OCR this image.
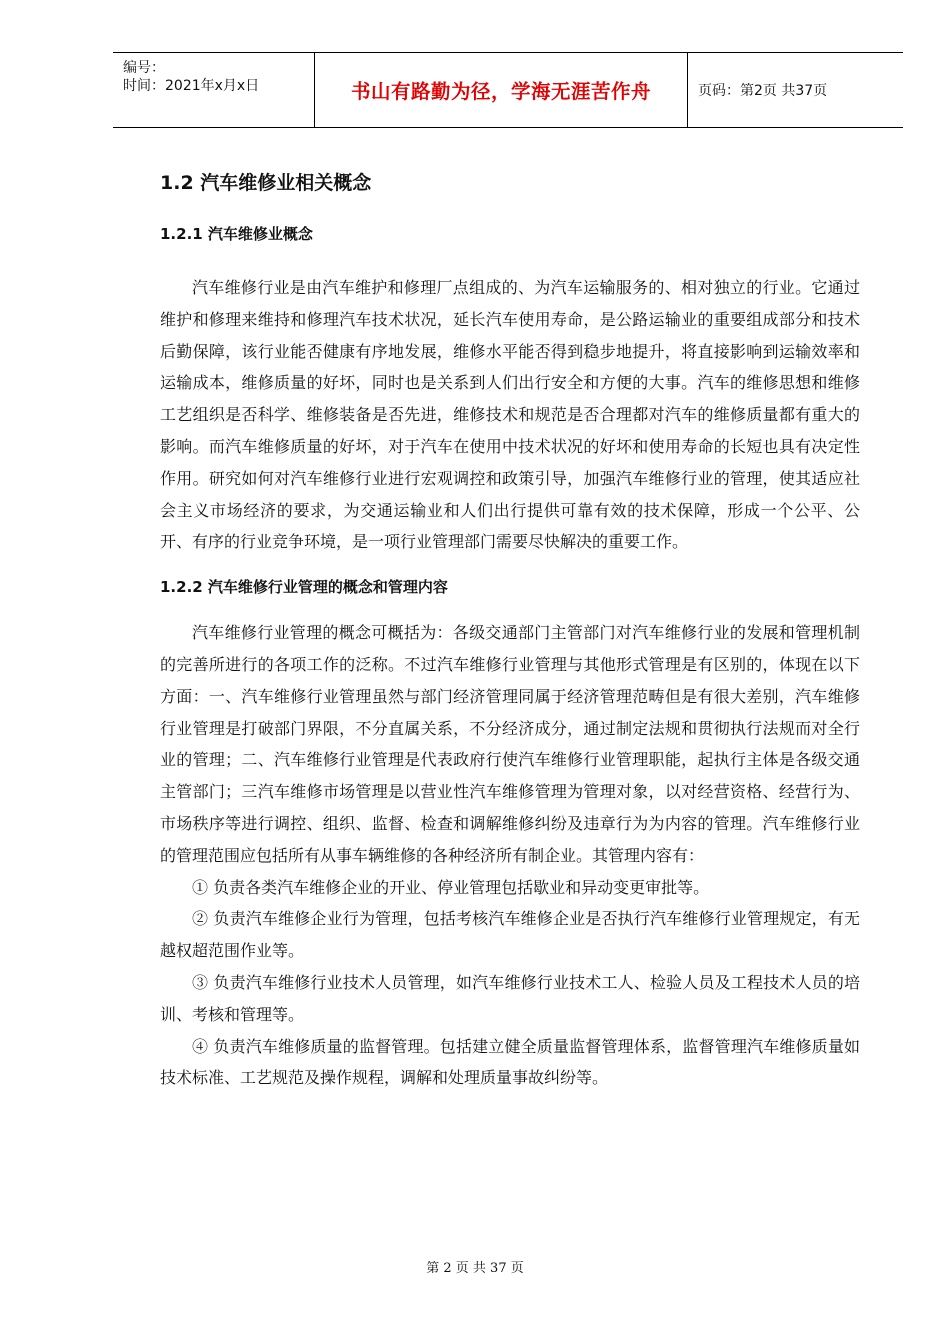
编号：
时间：2021年x月x日	书山有路勤为径，学海无涯苦作舟	页码：第2页 共37页
1.2 汽车维修业相关概念
1.2.1 汽车维修业概念

汽车维修行业是由汽车维护和修理厂点组成的、为汽车运输服务的、相对独立的行业。它通过维护和修理来维持和修理汽车技术状况，延长汽车使用寿命，是公路运输业的重要组成部分和技术后勤保障，该行业能否健康有序地发展，维修水平能否得到稳步地提升，将直接影响到运输效率和运输成本，维修质量的好坏，同时也是关系到人们出行安全和方便的大事。汽车的维修思想和维修工艺组织是否科学、维修装备是否先进，维修技术和规范是否合理都对汽车的维修质量都有重大的影响。而汽车维修质量的好坏，对于汽车在使用中技术状况的好坏和使用寿命的长短也具有决定性作用。研究如何对汽车维修行业进行宏观调控和政策引导，加强汽车维修行业的管理，使其适应社会主义市场经济的要求，为交通运输业和人们出行提供可靠有效的技术保障，形成一个公平、公开、有序的行业竞争环境，是一项行业管理部门需要尽快解决的重要工作。

1.2.2 汽车维修行业管理的概念和管理内容

汽车维修行业管理的概念可概括为：各级交通部门主管部门对汽车维修行业的发展和管理机制的完善所进行的各项工作的泛称。不过汽车维修行业管理与其他形式管理是有区别的，体现在以下方面：一、汽车维修行业管理虽然与部门经济管理同属于经济管理范畴但是有很大差别，汽车维修行业管理是打破部门界限，不分直属关系，不分经济成分，通过制定法规和贯彻执行法规而对全行业的管理；二、汽车维修行业管理是代表政府行使汽车维修行业管理职能，起执行主体是各级交通主管部门；三汽车维修市场管理是以营业性汽车维修管理为管理对象，以对经营资格、经营行为、市场秩序等进行调控、组织、监督、检查和调解维修纠纷及违章行为为内容的管理。汽车维修行业的管理范围应包括所有从事车辆维修的各种经济所有制企业。其管理内容有：

① 负责各类汽车维修企业的开业、停业管理包括歇业和异动变更审批等。

② 负责汽车维修企业行为管理，包括考核汽车维修企业是否执行汽车维修行业管理规定，有无越权超范围作业等。

③ 负责汽车维修行业技术人员管理，如汽车维修行业技术工人、检验人员及工程技术人员的培训、考核和管理等。

④ 负责汽车维修质量的监督管理。包括建立健全质量监督管理体系，监督管理汽车维修质量如技术标准、工艺规范及操作规程，调解和处理质量事故纠纷等。

第 2 页 共 37 页
